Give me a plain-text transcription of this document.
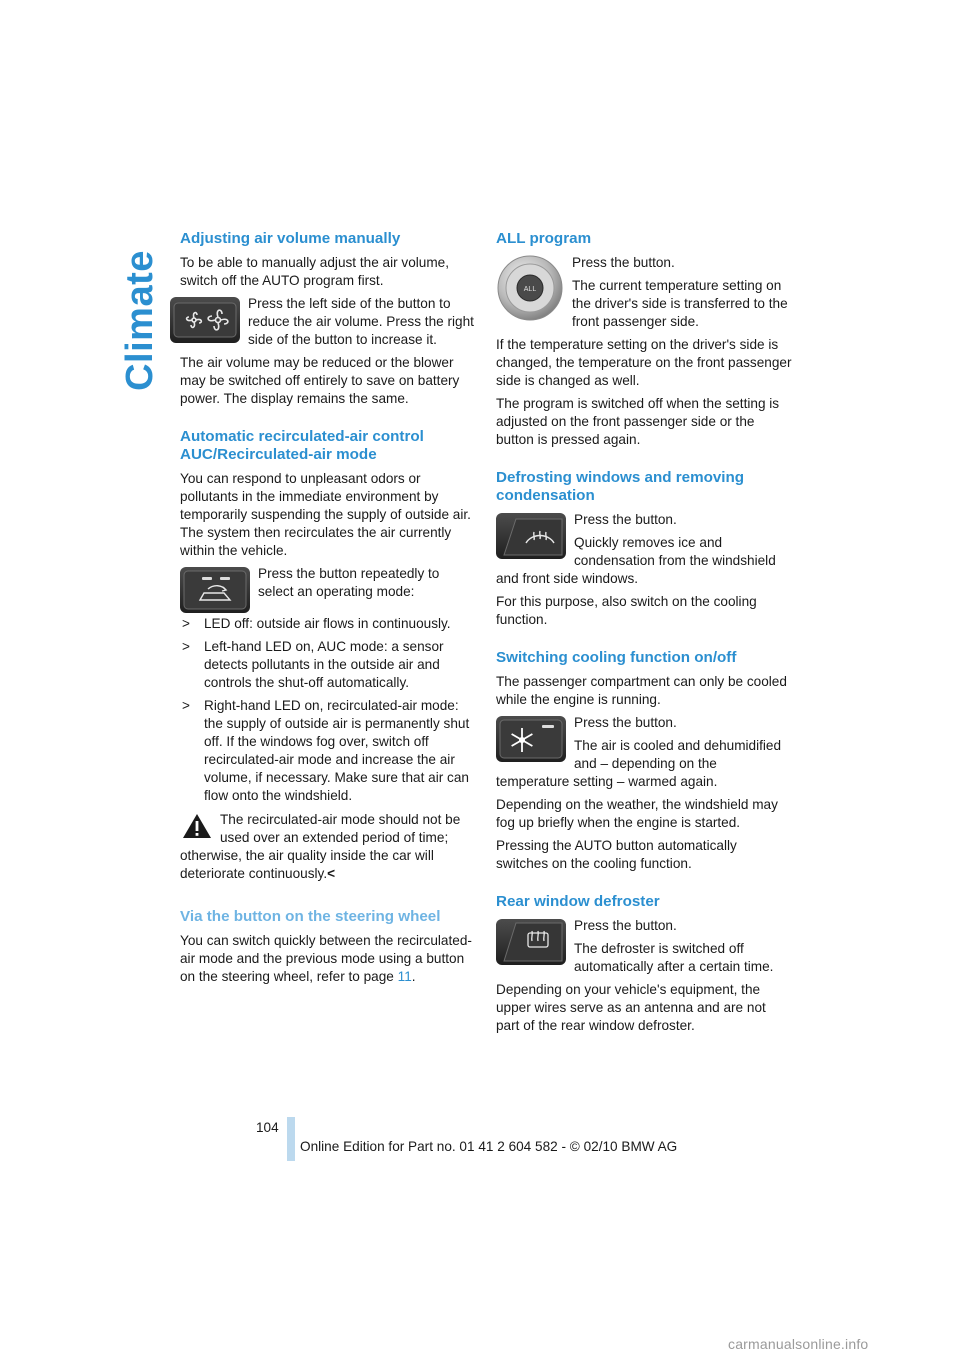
Climate
Adjusting air volume manually

To be able to manually adjust the air volume, switch off the AUTO program first.

Press the left side of the button to reduce the air volume. Press the right side of the button to increase it.

The air volume may be reduced or the blower may be switched off entirely to save on battery power. The display remains the same.

Automatic recirculated-air control AUC/Recirculated-air mode

You can respond to unpleasant odors or pollutants in the immediate environment by temporarily suspending the supply of outside air. The system then recirculates the air currently within the vehicle.

Press the button repeatedly to select an operating mode:

> LED off: outside air flows in continuously.
> Left-hand LED on, AUC mode: a sensor detects pollutants in the outside air and controls the shut-off automatically.
> Right-hand LED on, recirculated-air mode: the supply of outside air is permanently shut off. If the windows fog over, switch off recirculated-air mode and increase the air volume, if necessary. Make sure that air can flow onto the windshield.

The recirculated-air mode should not be used over an extended period of time; otherwise, the air quality inside the car will deteriorate continuously.<

Via the button on the steering wheel

You can switch quickly between the recirculated-air mode and the previous mode using a button on the steering wheel, refer to page 11.

ALL program
ALL

Press the button.

The current temperature setting on the driver's side is transferred to the front passenger side.

If the temperature setting on the driver's side is changed, the temperature on the front passenger side is changed as well.

The program is switched off when the setting is adjusted on the front passenger side or the button is pressed again.

Defrosting windows and removing condensation

Press the button.

Quickly removes ice and condensation from the windshield and front side windows.

For this purpose, also switch on the cooling function.

Switching cooling function on/off

The passenger compartment can only be cooled while the engine is running.

Press the button.

The air is cooled and dehumidified and – depending on the temperature setting – warmed again.

Depending on the weather, the windshield may fog up briefly when the engine is started.

Pressing the AUTO button automatically switches on the cooling function.

Rear window defroster

Press the button.

The defroster is switched off automatically after a certain time.

Depending on your vehicle's equipment, the upper wires serve as an antenna and are not part of the rear window defroster.

104
Online Edition for Part no. 01 41 2 604 582 - © 02/10 BMW AG
carmanualsonline.info
